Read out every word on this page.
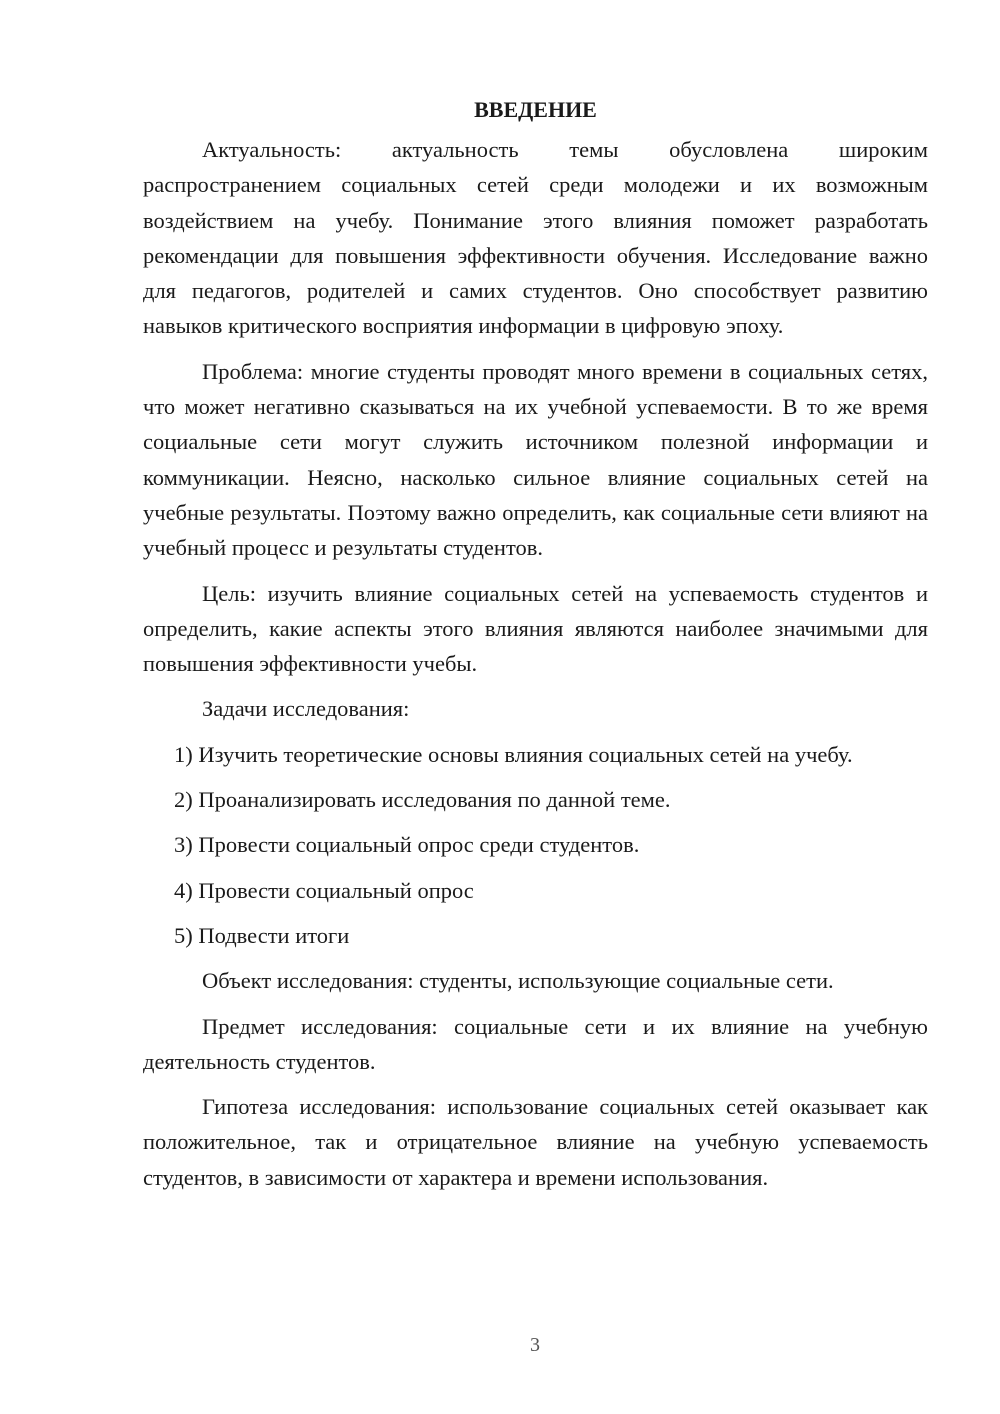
ВВЕДЕНИЕ

Актуальность: актуальность темы обусловлена широким распространением социальных сетей среди молодежи и их возможным воздействием на учебу. Понимание этого влияния поможет разработать рекомендации для повышения эффективности обучения. Исследование важно для педагогов, родителей и самих студентов. Оно способствует развитию навыков критического восприятия информации в цифровую эпоху.

Проблема: многие студенты проводят много времени в социальных сетях, что может негативно сказываться на их учебной успеваемости. В то же время социальные сети могут служить источником полезной информации и коммуникации. Неясно, насколько сильное влияние социальных сетей на учебные результаты. Поэтому важно определить, как социальные сети влияют на учебный процесс и результаты студентов.

Цель: изучить влияние социальных сетей на успеваемость студентов и определить, какие аспекты этого влияния являются наиболее значимыми для повышения эффективности учебы.

Задачи исследования:

1) Изучить теоретические основы влияния социальных сетей на учебу.
2) Проанализировать исследования по данной теме.
3) Провести социальный опрос среди студентов.
4) Провести социальный опрос
5) Подвести итоги

Объект исследования: студенты, использующие социальные сети.

Предмет исследования: социальные сети и их влияние на учебную деятельность студентов.

Гипотеза исследования: использование социальных сетей оказывает как положительное, так и отрицательное влияние на учебную успеваемость студентов, в зависимости от характера и времени использования.

3
